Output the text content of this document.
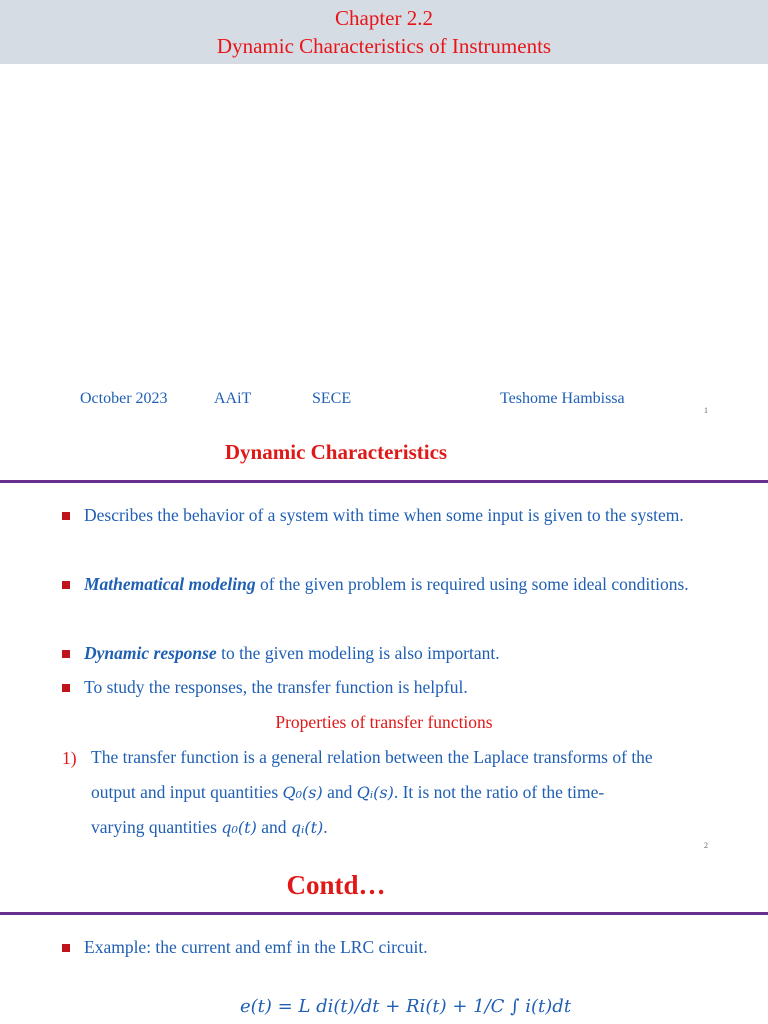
Chapter 2.2
Dynamic Characteristics of Instruments
October 2023	AAiT	SECE	Teshome Hambissa
1
Dynamic Characteristics
Describes the behavior of a system with time when some input is given to the system.
Mathematical modeling of the given problem is required using some ideal conditions.
Dynamic response to the given modeling is also important.
To study the responses, the transfer function is helpful.
Properties of transfer functions
1) The transfer function is a general relation between the Laplace transforms of the
output and input quantities Q₀(s) and Qᵢ(s). It is not the ratio of the time-
varying quantities q₀(t) and qᵢ(t).
2
Contd…
Example: the current and emf in the LRC circuit.
e(t) = L di(t)/dt + Ri(t) + 1/C ∫ i(t)dt
